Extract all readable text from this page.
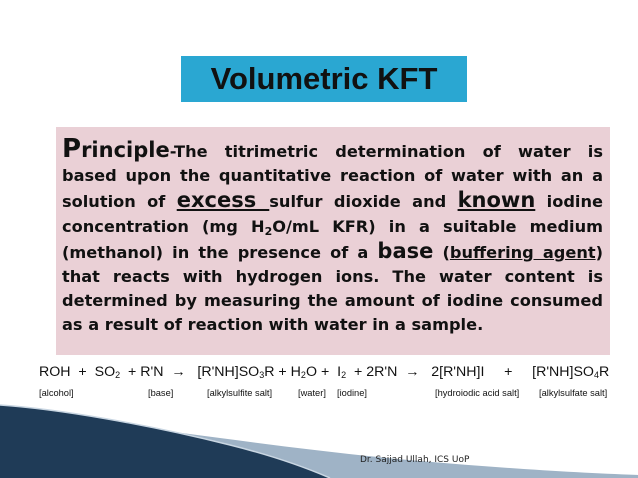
Volumetric KFT
Principle-The titrimetric determination of water is based upon the quantitative reaction of water with an a solution of excess sulfur dioxide and known iodine concentration (mg $H_2O/mL$ KFR) in a suitable medium (methanol) in the presence of a base (buffering agent) that reacts with hydrogen ions. The water content is determined by measuring the amount of iodine consumed as a result of reaction with water in a sample.
ROH + $SO_2 + R'N \to [R'NH]SO_3R + H_2O + I_2 + 2R'N \to 2[R'NH]I + [R'NH]SO_4R$
[alcohol]	[base]	[alkylsulfite salt]	[water] [iodine]	[hydroiodic acid salt] [alkylsulfate salt]
Dr. Sajjad Ullah, ICS UoP
